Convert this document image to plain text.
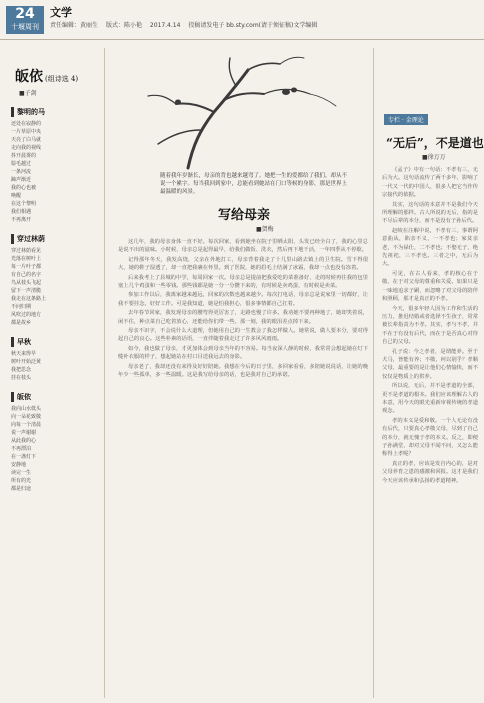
24
十堰周刊
文学
责任编辑：黄丽生 版式：陈小艳 2017.4.14 投稿请发电子 bb.sty.com(请于须征稿)文学编辑
皈依 (组诗选 4)
■子剑
黎明的马
还处在寂静的
一片草原中央
天亮了白马就
走向我的视线
抖开晨雾的
鬃毛越过
一条河流
蹄声渐近
我的心也被
唤醒
在这个黎明
我们相遇
不再离开
穿过林荫
穿过林荫看见
光落在树叶上
每一片叶子都
有自己的名字
鸟从枝头飞起
留下一声清脆
我走在这条路上
不问归期
风吹过的地方
都是故乡
早秋
秋天来得早
树叶开始泛黄
我把思念
挂在枝头
皈依
我向山水低头
向一朵花致敬
向每一个清晨
说一声谢谢
从此我的心
不再漂泊
在一盏灯下
安静地
读完一生
所有的光
都是归途
随着我年岁渐长，母亲的背也越来越弯了。她把一生的爱都给了我们，却从不说一个累字。每当我回到家中，总能看到她站在门口等候的身影，那是世界上最温暖的风景。
写给母亲
■贺梅

这几年，我的母亲身体一直不好。每次回家，看到她坐在院子里晒太阳，头发已经全白了，我的心里总是说不出的滋味。小时候，母亲总是起得最早，给我们做饭、洗衣，然后再下地干活，一年四季从不停歇。

记得那年冬天，我发高烧，父亲在外地打工，母亲背着我走了十几里山路去镇上的卫生院。雪下得很大，她的鞋子湿透了，却一直把我裹在怀里。到了医院，她的眉毛上结满了冰霜，我却一点也没有冻着。

后来我考上了县城的中学，每周回家一次。母亲总是提前把我爱吃的菜准备好，走的时候再往我的包里塞上几个鸡蛋和一些零钱。那些钱都是她一分一分攒下来的，有时候是卖鸡蛋，有时候是卖菜。

参加工作以后，我离家越来越远，回家的次数也越来越少。每次打电话，母亲总是说家里一切都好，让我不要挂念，好好工作。可是我知道，她是怕我担心，很多事情都自己扛着。

去年春节回家，我发现母亲的腰弯得更厉害了，走路也慢了许多。我劝她不要再种地了，她却笑着说，闲不住，种点菜自己吃着放心，还能给你们带一些。那一刻，我的眼泪差点掉下来。

母亲不识字，不会说什么大道理，但她用自己的一生教会了我怎样做人。她常说，做人要本分，要对得起自己的良心。这些朴素的话语，一直伴随着我走过了许多风风雨雨。

如今，我也做了母亲，才更加体会到母亲当年的不容易。每当夜深人静的时候，我常常会想起她在灯下缝补衣服的样子，想起她站在村口目送我远去的身影。

母亲老了，我却还没有来得及好好陪她。我想在今后的日子里，多回家看看，多陪她说说话，让她的晚年少一些孤单，多一些温暖。这是我写给母亲的话，也是我对自己的承诺。

专栏 · 金理论
“无后”，不是道也
■徐万万

《孟子》中有一句话：不孝有三，无后为大。这句话流传了两千多年，影响了一代又一代的中国人，很多人把它当作传宗接代的依据。

其实，这句话的本意并不是我们今天所理解的那样。古人所说的无后，指的是不尽后辈的本分，而不是没有子孙后代。

赵岐在注解中说，不孝有三，事谓阿意曲从，陷亲不义，一不孝也；家贫亲老，不为禄仕，二不孝也；不娶无子，绝先祖祀，三不孝也。三者之中，无后为大。

可见，在古人看来，孝的核心在于敬，在于对父母的尊重和关爱。如果只是一味地追求子嗣，而忽略了对父母的陪伴和照顾，那才是真正的不孝。

今天，很多年轻人因为工作和生活的压力，推迟结婚或者选择不生孩子，常常被长辈指责为不孝。其实，孝与不孝，并不在于有没有后代，而在于是否真心对待自己的父母。

孔子说：今之孝者，是谓能养。至于犬马，皆能有养；不敬，何以别乎？孝顺父母，最重要的是让他们心情愉快，而不仅仅是物质上的供养。

所以说，无后，并不是孝道的全部，更不是孝道的根本。我们应该理解古人的本意，用今天的眼光重新审视传统的孝道观念。

孝的本义是爱和敬。一个人无论有没有后代，只要真心孝敬父母，尽到了自己的本分，就无愧于孝的本义。反之，即便子孙满堂，却对父母不闻不问，又怎么能称得上孝呢？

真正的孝，应该是发自内心的，是对父母养育之恩的感激和回报。这才是我们今天应该传承和弘扬的孝道精神。
